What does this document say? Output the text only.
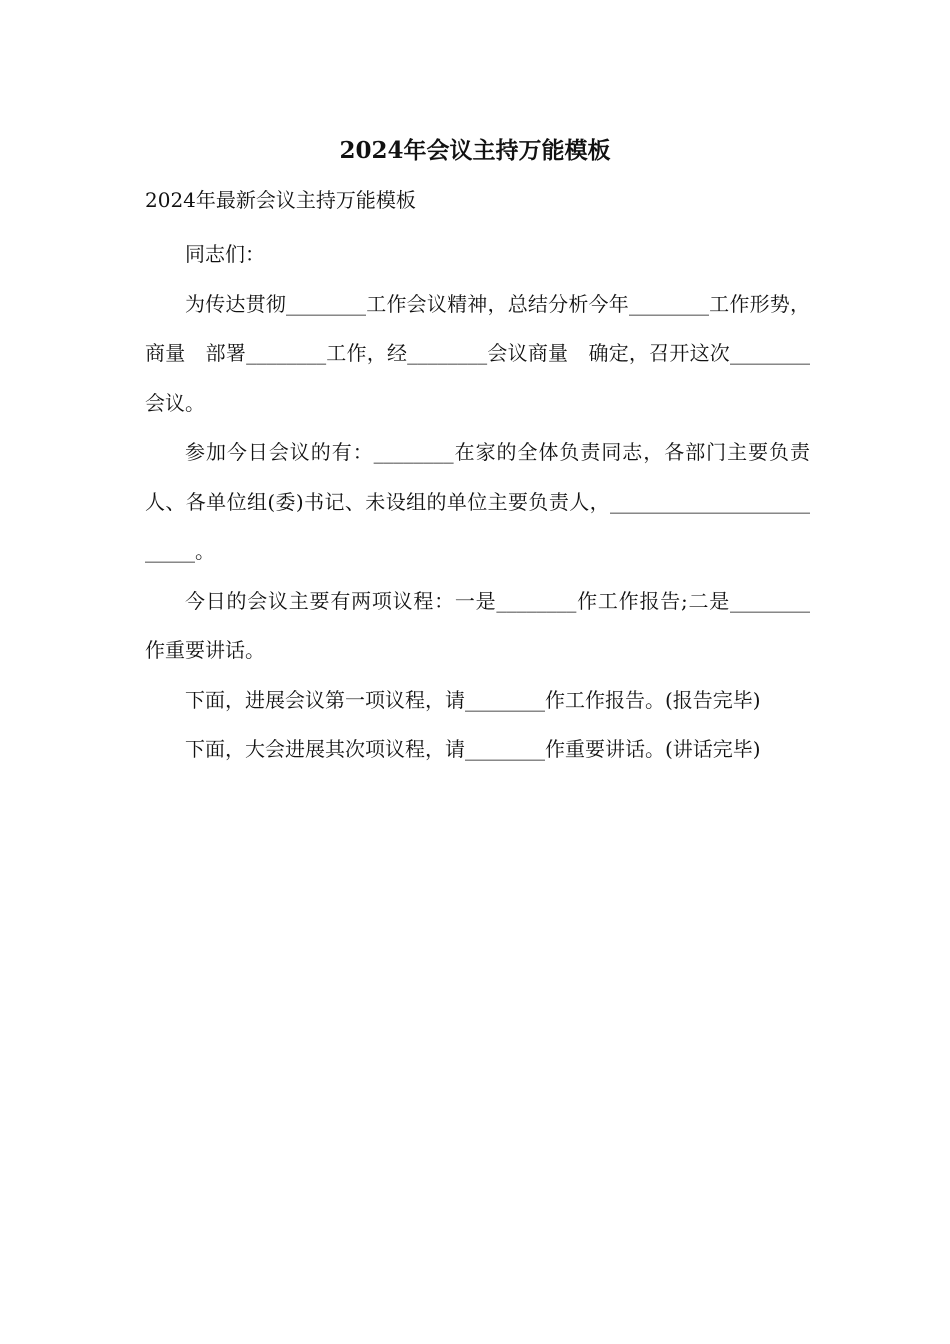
2024年会议主持万能模板

2024年最新会议主持万能模板

同志们：

为传达贯彻________工作会议精神，总结分析今年________工作形势，商量　部署________工作，经________会议商量　确定，召开这次________会议。

参加今日会议的有：________在家的全体负责同志，各部门主要负责人、各单位组(委)书记、未设组的单位主要负责人，_________________________。

今日的会议主要有两项议程：一是________作工作报告;二是________作重要讲话。

下面，进展会议第一项议程，请________作工作报告。(报告完毕)

下面，大会进展其次项议程，请________作重要讲话。(讲话完毕)
